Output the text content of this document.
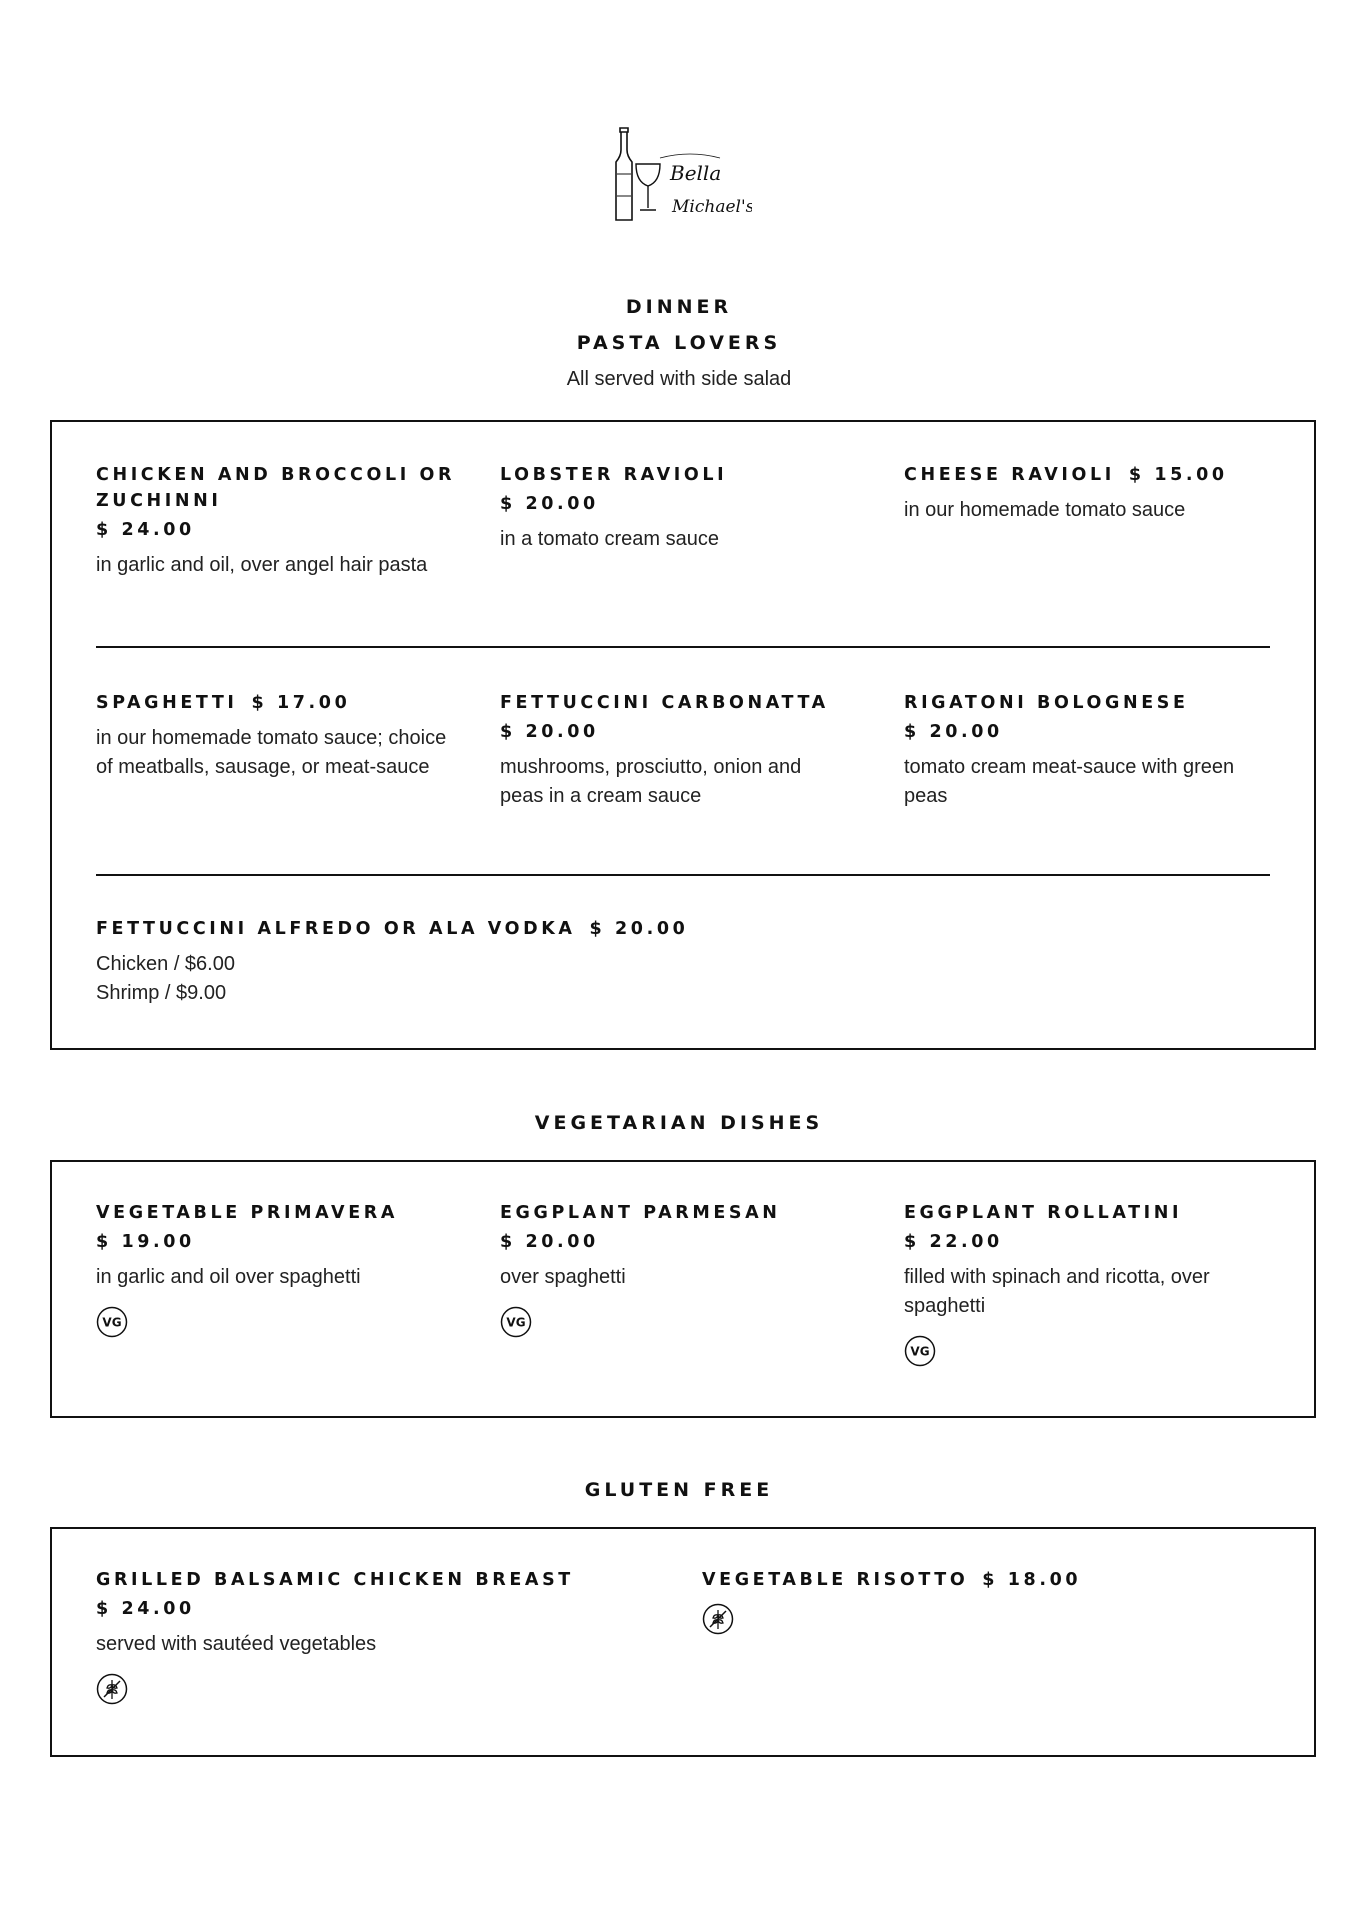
Bella
Michael's
DINNER
PASTA LOVERS
All served with side salad
CHICKEN AND BROCCOLI OR ZUCHINNI
$ 24.00
in garlic and oil, over angel hair pasta
LOBSTER RAVIOLI
$ 20.00
in a tomato cream sauce
CHEESE RAVIOLI $ 15.00
in our homemade tomato sauce
SPAGHETTI $ 17.00
in our homemade tomato sauce; choice of meatballs, sausage, or meat-sauce
FETTUCCINI CARBONATTA
$ 20.00
mushrooms, prosciutto, onion and peas in a cream sauce
RIGATONI BOLOGNESE
$ 20.00
tomato cream meat-sauce with green peas
FETTUCCINI ALFREDO OR ALA VODKA $ 20.00
Chicken / $6.00
Shrimp / $9.00
VEGETARIAN DISHES
VEGETABLE PRIMAVERA
$ 19.00
in garlic and oil over spaghetti
VG
EGGPLANT PARMESAN
$ 20.00
over spaghetti
VG
EGGPLANT ROLLATINI
$ 22.00
filled with spinach and ricotta, over spaghetti
VG
GLUTEN FREE
GRILLED BALSAMIC CHICKEN BREAST
$ 24.00
served with sautéed vegetables
VEGETABLE RISOTTO $ 18.00
